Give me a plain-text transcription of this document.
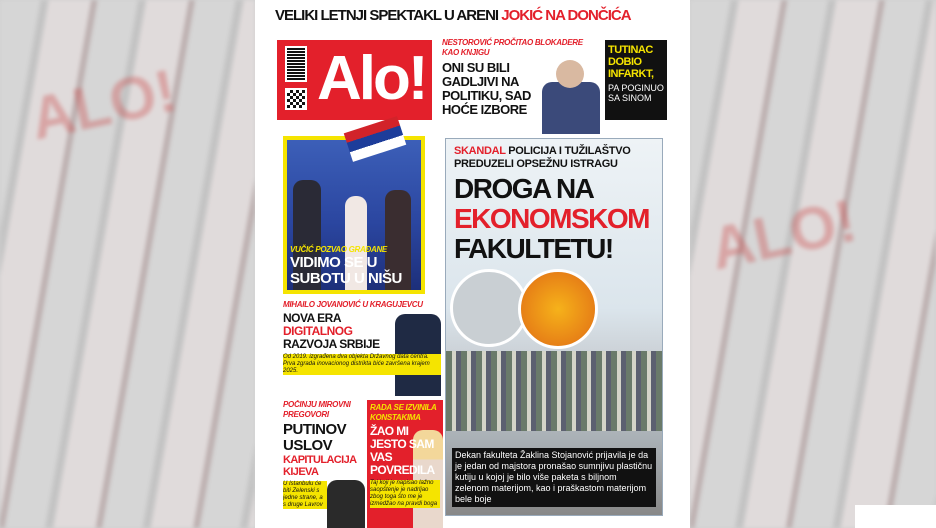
ALO!
ALO!
VELIKI LETNJI SPEKTAKL U ARENI JOKIĆ NA DONČIĆA
Alo!
NESTOROVIĆ PROČITAO BLOKADERE KAO KNJIGU
ONI SU BILI GADLJIVI NA POLITIKU, SAD HOĆE IZBORE
TUTINAC DOBIO INFARKT,
PA POGINUO SA SINOM
VUČIĆ POZVAO GRAĐANE
VIDIMO SE U SUBOTU U NIŠU
SKANDAL POLICIJA I TUŽILAŠTVO
PREDUZELI OPSEŽNU ISTRAGU
DROGA NA
EKONOMSKOM
FAKULTETU!
Dekan fakulteta Žaklina Stojanović prijavila je da je jedan od majstora pronašao sumnjivu plastičnu kutiju u kojoj je bilo više paketa s biljnom zelenom materijom, kao i praškastom materijom bele boje
MIHAILO JOVANOVIĆ U KRAGUJEVCU
NOVA ERA DIGITALNOG
RAZVOJA SRBIJE
Od 2019. izgrađena dva objekta Državnog data centra. Prva zgrada inovacionog distrikta biće završena krajem 2025.
POČINJU MIROVNI PREGOVORI
PUTINOV USLOV
KAPITULACIJA KIJEVA
U Istanbulu će biti Zelenski s jedne strane, a s druge Lavrov
RADA SE IZVINILA KONSTAKIMA
ŽAO MI JESTO SAM VAS POVREDILA
Taj koji je napisao lažno saopštenje je nadrljao zbog toga što me je izmedžao na pravdi boga
